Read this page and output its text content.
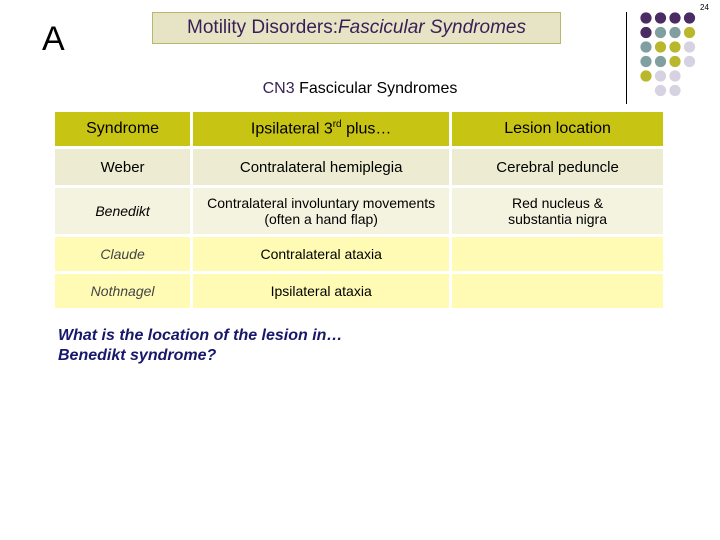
24
A	Motility Disorders: Fascicular Syndromes
CN3 Fascicular Syndromes
Syndrome	Ipsilateral 3rd plus…	Lesion location
Weber	Contralateral hemiplegia	Cerebral peduncle
Benedikt	Contralateral involuntary movements (often a hand flap)	Red nucleus & substantia nigra
Claude	Contralateral ataxia	
Nothnagel	Ipsilateral ataxia	
What is the location of the lesion in…
Benedikt syndrome?
